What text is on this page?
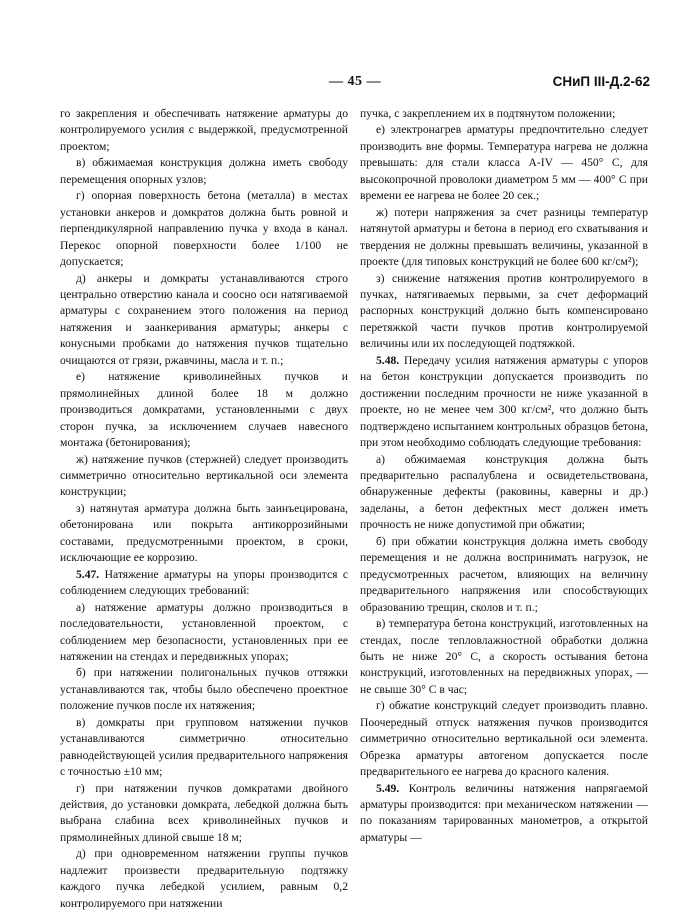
— 45 —	СНиП III-Д.2-62

го закрепления и обеспечивать натяжение арматуры до контролируемого усилия с выдержкой, предусмотренной проектом;

в) обжимаемая конструкция должна иметь свободу перемещения опорных узлов;

г) опорная поверхность бетона (металла) в местах установки анкеров и домкратов должна быть ровной и перпендикулярной направлению пучка у входа в канал. Перекос опорной поверхности более 1/100 не допускается;

д) анкеры и домкраты устанавливаются строго центрально отверстию канала и соосно оси натягиваемой арматуры с сохранением этого положения на период натяжения и заанкеривания арматуры; анкеры с конусными пробками до натяжения пучков тщательно очищаются от грязи, ржавчины, масла и т. п.;

е) натяжение криволинейных пучков и прямолинейных длиной более 18 м должно производиться домкратами, установленными с двух сторон пучка, за исключением случаев навесного монтажа (бетонирования);

ж) натяжение пучков (стержней) следует производить симметрично относительно вертикальной оси элемента конструкции;

з) натянутая арматура должна быть заинъецирована, обетонирована или покрыта антикоррозийными составами, предусмотренными проектом, в сроки, исключающие ее коррозию.

5.47. Натяжение арматуры на упоры производится с соблюдением следующих требований:

а) натяжение арматуры должно производиться в последовательности, установленной проектом, с соблюдением мер безопасности, установленных при ее натяжении на стендах и передвижных упорах;

б) при натяжении полигональных пучков оттяжки устанавливаются так, чтобы было обеспечено проектное положение пучков после их натяжения;

в) домкраты при групповом натяжении пучков устанавливаются симметрично относительно равнодействующей усилия предварительного напряжения с точностью ±10 мм;

г) при натяжении пучков домкратами двойного действия, до установки домкрата, лебедкой должна быть выбрана слабина всех криволинейных пучков и прямолинейных длиной свыше 18 м;

д) при одновременном натяжении группы пучков надлежит произвести предварительную подтяжку каждого пучка лебедкой усилием, равным 0,2 контролируемого при натяжении

пучка, с закреплением их в подтянутом положении;

е) электронагрев арматуры предпочтительно следует производить вне формы. Температура нагрева не должна превышать: для стали класса A-IV — 450° С, для высокопрочной проволоки диаметром 5 мм — 400° С при времени ее нагрева не более 20 сек.;

ж) потери напряжения за счет разницы температур натянутой арматуры и бетона в период его схватывания и твердения не должны превышать величины, указанной в проекте (для типовых конструкций не более 600 кг/см²);

з) снижение натяжения против контролируемого в пучках, натягиваемых первыми, за счет деформаций распорных конструкций должно быть компенсировано перетяжкой части пучков против контролируемой величины или их последующей подтяжкой.

5.48. Передачу усилия натяжения арматуры с упоров на бетон конструкции допускается производить по достижении последним прочности не ниже указанной в проекте, но не менее чем 300 кг/см², что должно быть подтверждено испытанием контрольных образцов бетона, при этом необходимо соблюдать следующие требования:

а) обжимаемая конструкция должна быть предварительно распалублена и освидетельствована, обнаруженные дефекты (раковины, каверны и др.) заделаны, а бетон дефектных мест должен иметь прочность не ниже допустимой при обжатии;

б) при обжатии конструкция должна иметь свободу перемещения и не должна воспринимать нагрузок, не предусмотренных расчетом, влияющих на величину предварительного напряжения или способствующих образованию трещин, сколов и т. п.;

в) температура бетона конструкций, изготовленных на стендах, после тепловлажностной обработки должна быть не ниже 20° С, а скорость остывания бетона конструкций, изготовленных на передвижных упорах, — не свыше 30° С в час;

г) обжатие конструкций следует производить плавно. Поочередный отпуск натяжения пучков производится симметрично относительно вертикальной оси элемента. Обрезка арматуры автогеном допускается после предварительного ее нагрева до красного каления.

5.49. Контроль величины натяжения напрягаемой арматуры производится: при механическом натяжении — по показаниям тарированных манометров, а открытой арматуры —
